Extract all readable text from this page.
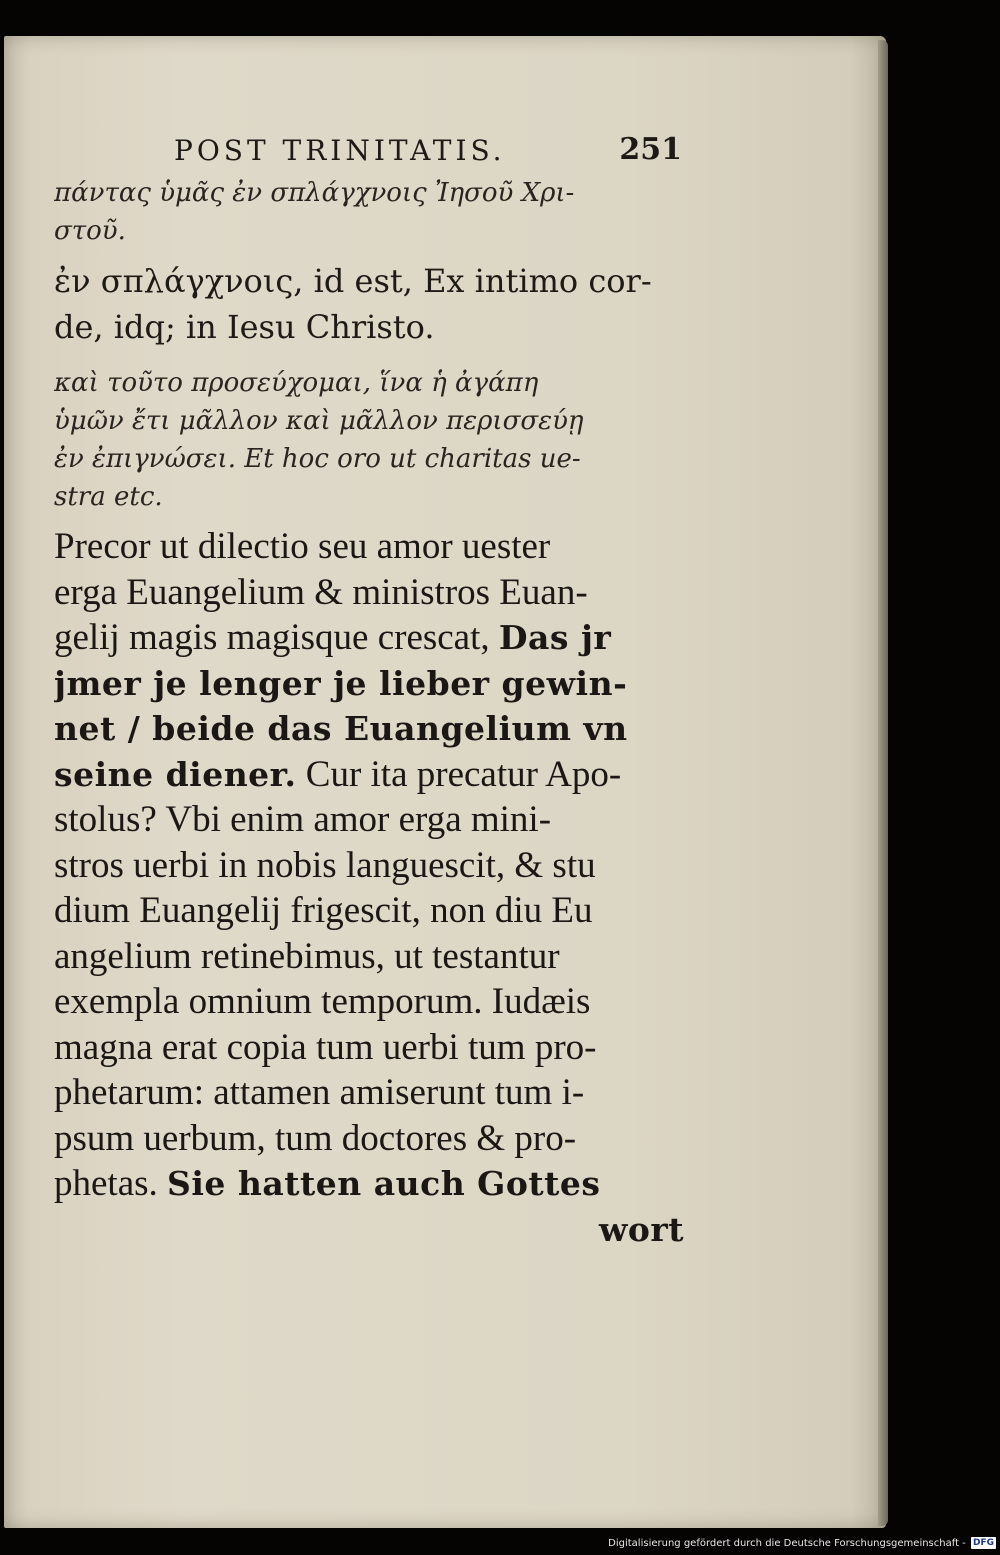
POST TRINITATIS.	251
πάντας ὑμᾶς ἐν σπλάγχνοις Ἰησοῦ Χρι-
στοῦ.
ἐν σπλάγχνοις, id est, Ex intimo cor-
de, idq; in Iesu Christo.
καὶ τοῦτο προσεύχομαι, ἵνα ἡ ἀγάπη
ὑμῶν ἔτι μᾶλλον καὶ μᾶλλον περισσεύῃ
ἐν ἐπιγνώσει. Et hoc oro ut charitas ue-
stra etc.
Precor ut dilectio seu amor uester
erga Euangelium & ministros Euan-
gelij magis magisque crescat, Das jr
jmer je lenger je lieber gewin-
net / beide das Euangelium vn
seine diener. Cur ita precatur Apo-
stolus? Vbi enim amor erga mini-
stros uerbi in nobis languescit, & stu
dium Euangelij frigescit, non diu Eu
angelium retinebimus, ut testantur
exempla omnium temporum. Iudæis
magna erat copia tum uerbi tum pro-
phetarum: attamen amiserunt tum i-
psum uerbum, tum doctores & pro-
phetas. Sie hatten auch Gottes
wort
Digitalisierung gefördert durch die Deutsche Forschungsgemeinschaft - DFG
